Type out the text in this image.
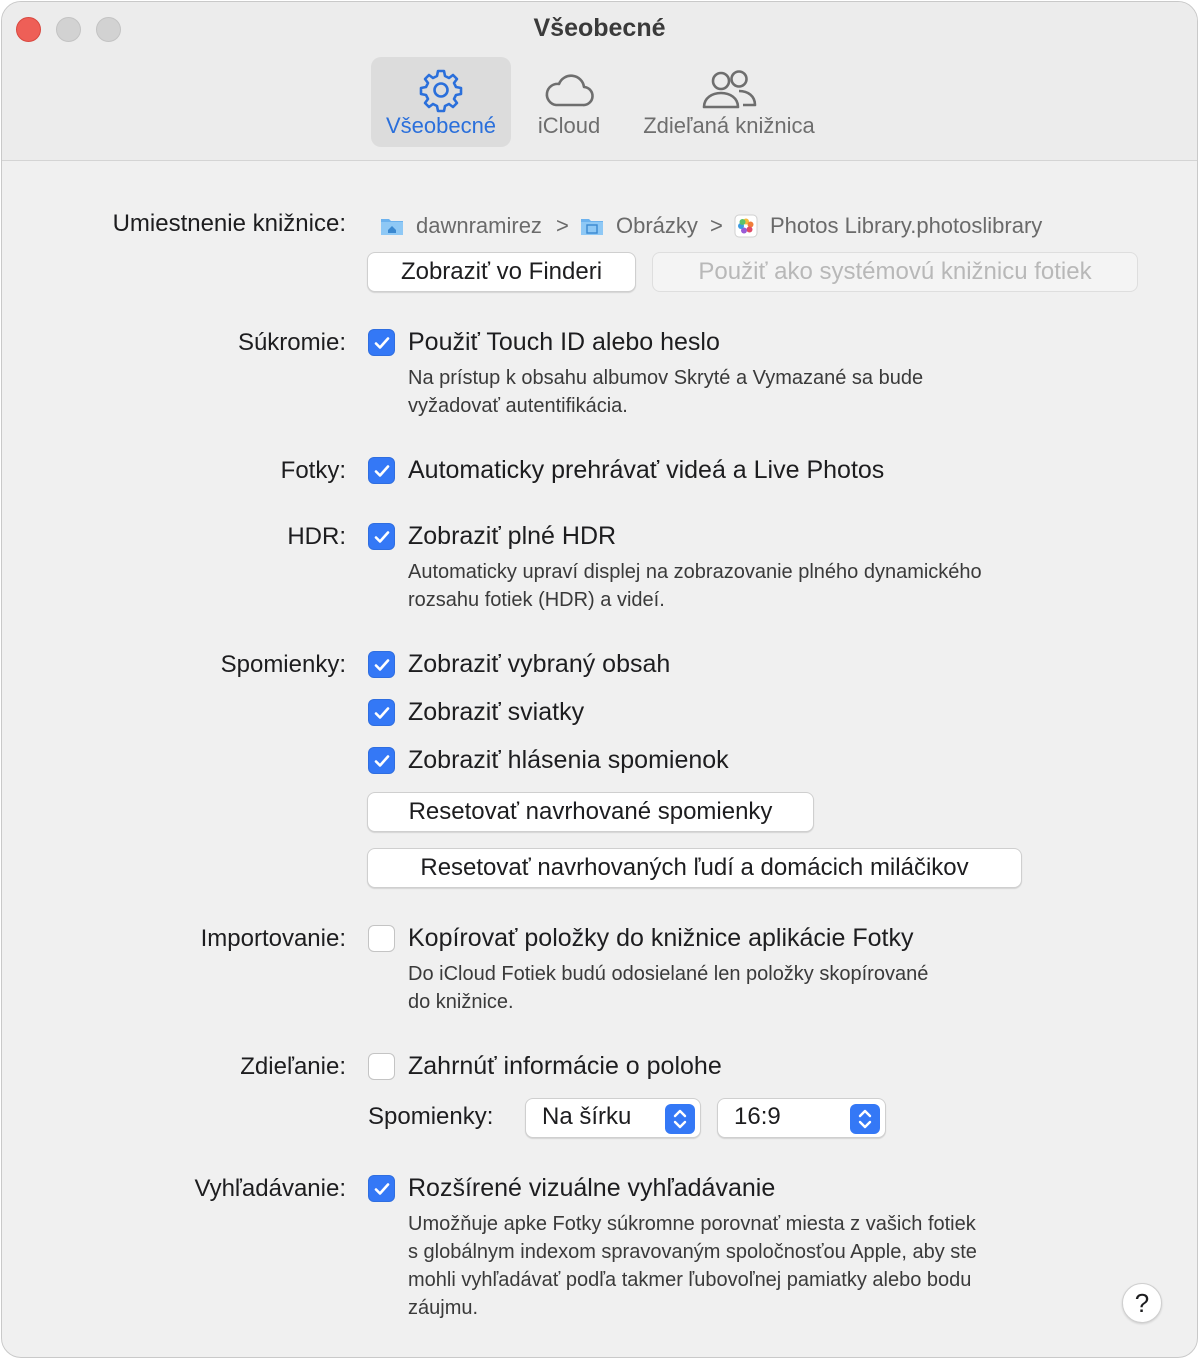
Všeobecné
Všeobecné	iCloud	Zdieľaná knižnica
Umiestnenie knižnice:	dawnramirez > Obrázky > Photos Library.photoslibrary
Zobraziť vo Finderi	Použiť ako systémovú knižnicu fotiek
Súkromie: Použiť Touch ID alebo heslo
Na prístup k obsahu albumov Skryté a Vymazané sa bude
vyžadovať autentifikácia.
Fotky: Automaticky prehrávať videá a Live Photos
HDR: Zobraziť plné HDR
Automaticky upraví displej na zobrazovanie plného dynamického
rozsahu fotiek (HDR) a videí.
Spomienky: Zobraziť vybraný obsah
Zobraziť sviatky
Zobraziť hlásenia spomienok
Resetovať navrhované spomienky
Resetovať navrhovaných ľudí a domácich miláčikov
Importovanie: Kopírovať položky do knižnice aplikácie Fotky
Do iCloud Fotiek budú odosielané len položky skopírované
do knižnice.
Zdieľanie: Zahrnúť informácie o polohe
Spomienky: Na šírku	16:9
Vyhľadávanie: Rozšírené vizuálne vyhľadávanie
Umožňuje apke Fotky súkromne porovnať miesta z vašich fotiek
s globálnym indexom spravovaným spoločnosťou Apple, aby ste
mohli vyhľadávať podľa takmer ľubovoľnej pamiatky alebo bodu
záujmu.	?
